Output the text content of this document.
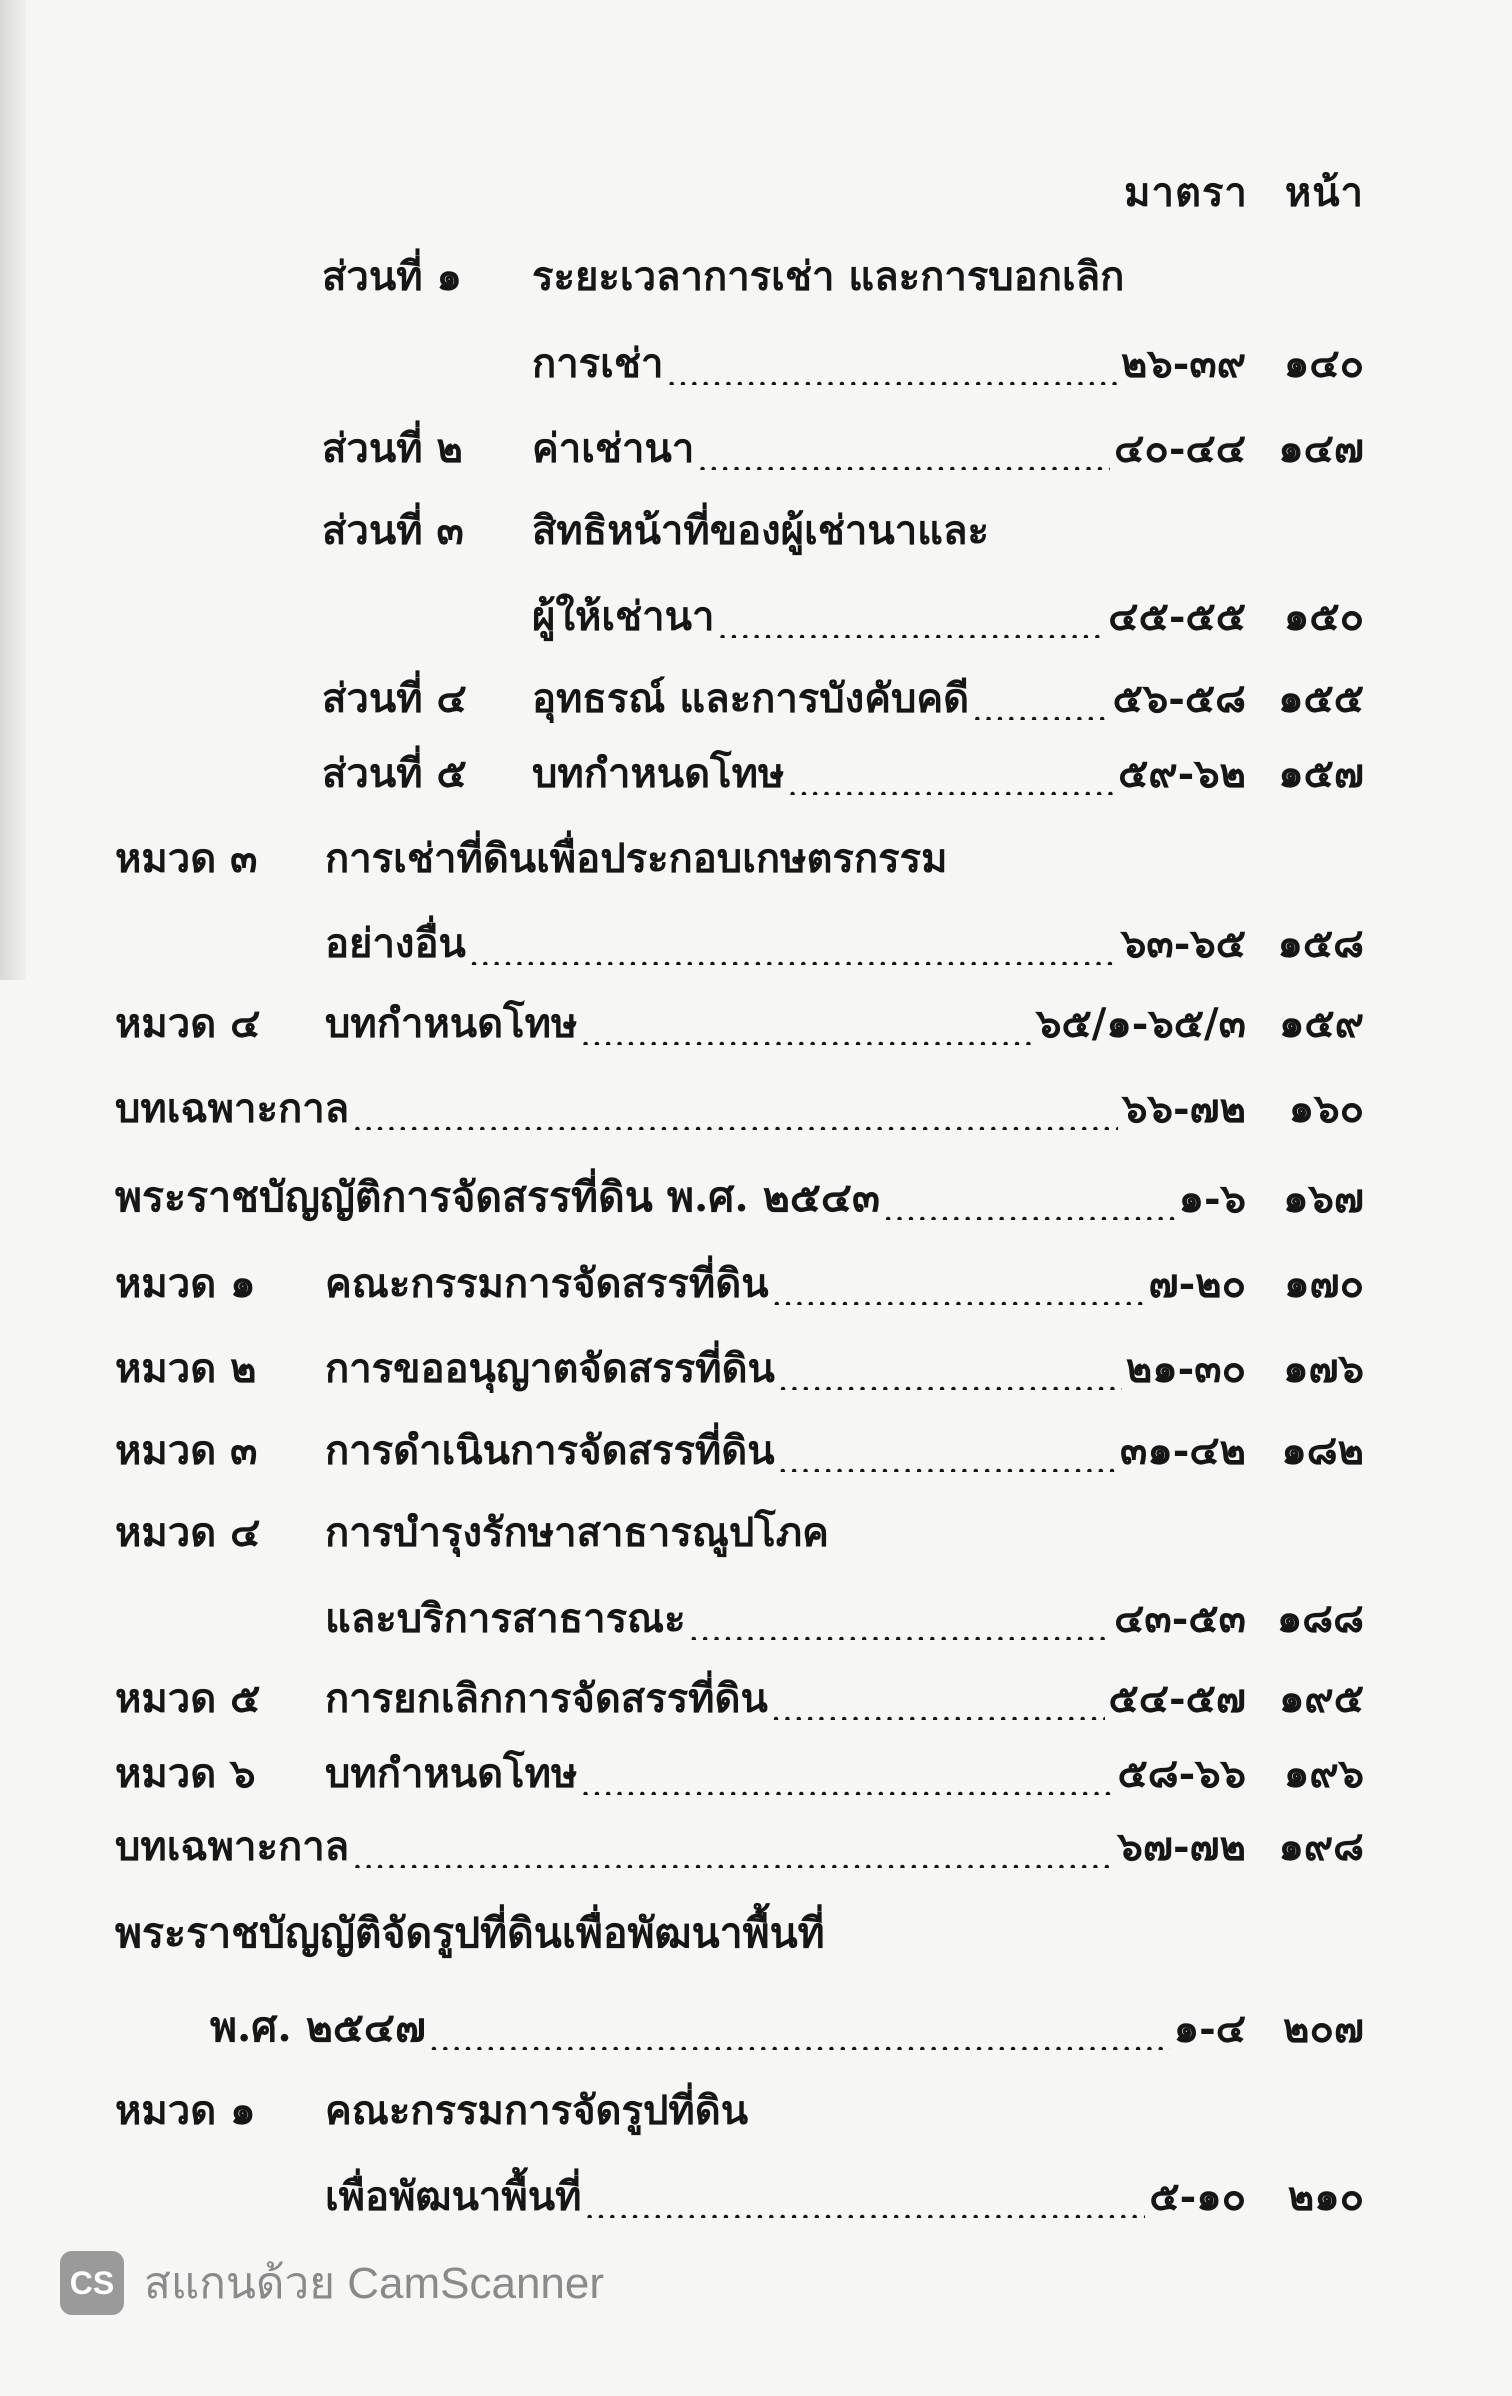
มาตรา หน้า
ส่วนที่ ๑	ระยะเวลาการเช่า และการบอกเลิก
การเช่า .....	๒๖-๓๙ ๑๔๐
ส่วนที่ ๒	ค่าเช่านา .....	๔๐-๔๔ ๑๔๗
ส่วนที่ ๓	สิทธิหน้าที่ของผู้เช่านาและ
ผู้ให้เช่านา .....	๔๕-๕๕ ๑๕๐
ส่วนที่ ๔	อุทธรณ์ และการบังคับคดี .....	๕๖-๕๘ ๑๕๕
ส่วนที่ ๕	บทกำหนดโทษ .....	๕๙-๖๒ ๑๕๗
หมวด ๓	การเช่าที่ดินเพื่อประกอบเกษตรกรรม
อย่างอื่น .....	๖๓-๖๕ ๑๕๘
หมวด ๔	บทกำหนดโทษ .....	๖๕/๑-๖๕/๓ ๑๕๙
บทเฉพาะกาล .....	๖๖-๗๒	๑๖๐
พระราชบัญญัติการจัดสรรที่ดิน พ.ศ. ๒๕๔๓ .....	๑-๖ ๑๖๗
หมวด ๑	คณะกรรมการจัดสรรที่ดิน .....	๗-๒๐ ๑๗๐
หมวด ๒	การขออนุญาตจัดสรรที่ดิน .....	๒๑-๓๐ ๑๗๖
หมวด ๓	การดำเนินการจัดสรรที่ดิน .....	๓๑-๔๒ ๑๘๒
หมวด ๔	การบำรุงรักษาสาธารณูปโภค
และบริการสาธารณะ .....	๔๓-๕๓ ๑๘๘
หมวด ๕	การยกเลิกการจัดสรรที่ดิน .....	๕๔-๕๗ ๑๙๕
หมวด ๖	บทกำหนดโทษ .....	๕๘-๖๖ ๑๙๖
บทเฉพาะกาล .....	๖๗-๗๒ ๑๙๘
พระราชบัญญัติจัดรูปที่ดินเพื่อพัฒนาพื้นที่
พ.ศ. ๒๕๔๗ .....	๑-๔ ๒๐๗
หมวด ๑	คณะกรรมการจัดรูปที่ดิน
เพื่อพัฒนาพื้นที่ .....	๕-๑๐	๒๑๐
CS สแกนด้วย CamScanner
